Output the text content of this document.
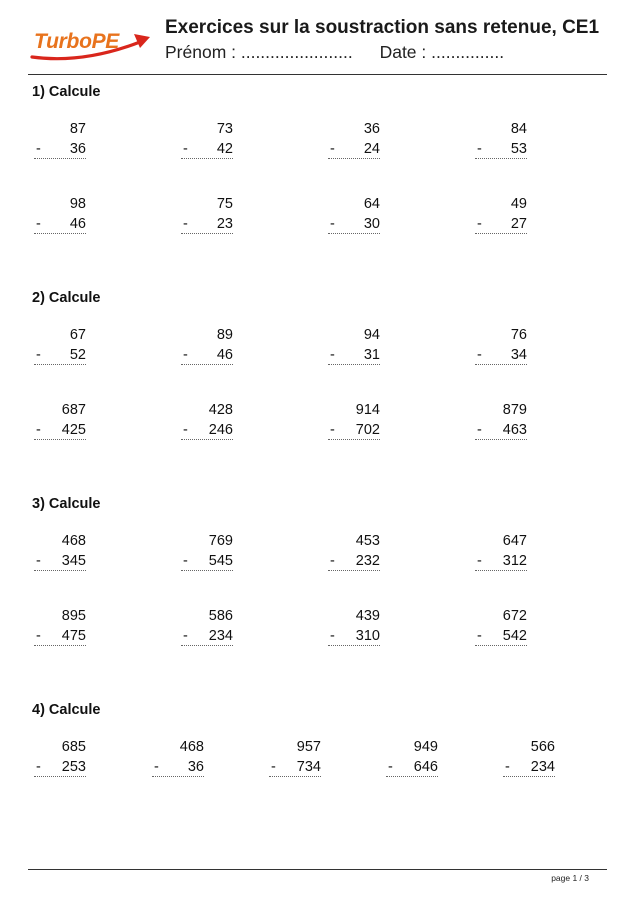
TurboPE
Exercices sur la soustraction sans retenue, CE1
Prénom : ....................... Date : ...............
1) Calcule
87
- 36
73
- 42
36
- 24
84
- 53
98
- 46
75
- 23
64
- 30
49
- 27
2) Calcule
67
- 52
89
- 46
94
- 31
76
- 34
687
- 425
428
- 246
914
- 702
879
- 463
3) Calcule
468
- 345
769
- 545
453
- 232
647
- 312
895
- 475
586
- 234
439
- 310
672
- 542
4) Calcule
685
- 253
468
- 36
957
- 734
949
- 646
566
- 234
page 1 / 3
